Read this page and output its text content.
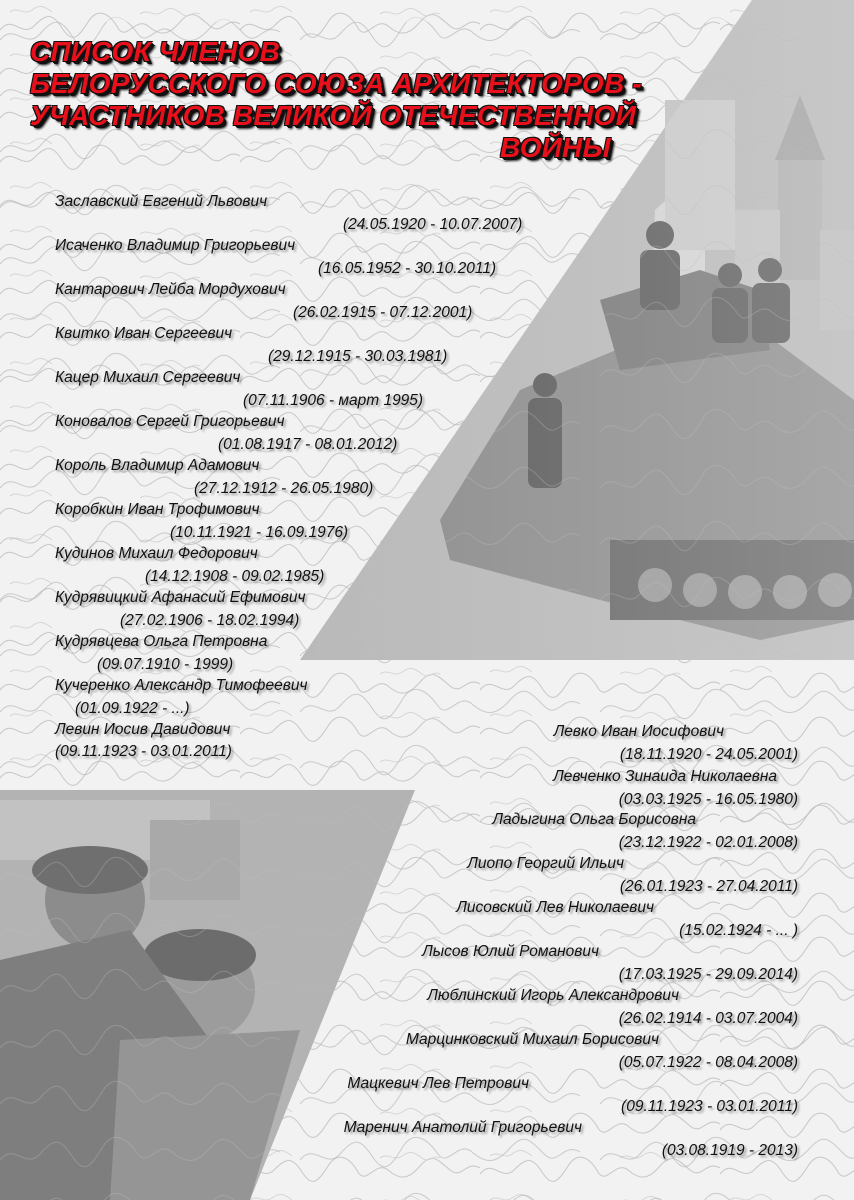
СПИСОК ЧЛЕНОВ
БЕЛОРУССКОГО СОЮЗА АРХИТЕКТОРОВ -
УЧАСТНИКОВ ВЕЛИКОЙ ОТЕЧЕСТВЕННОЙ
ВОЙНЫ
Заславский Евгений Львович
(24.05.1920 - 10.07.2007)
Исаченко Владимир Григорьевич
(16.05.1952 - 30.10.2011)
Кантарович Лейба Мордухович
(26.02.1915 - 07.12.2001)
Квитко Иван Сергеевич
(29.12.1915 - 30.03.1981)
Кацер Михаил Сергеевич
(07.11.1906 - март 1995)
Коновалов Сергей Григорьевич
(01.08.1917 - 08.01.2012)
Король Владимир Адамович
(27.12.1912 - 26.05.1980)
Коробкин Иван Трофимович
(10.11.1921 - 16.09.1976)
Кудинов Михаил Федорович
(14.12.1908 - 09.02.1985)
Кудрявицкий Афанасий Ефимович
(27.02.1906 - 18.02.1994)
Кудрявцева Ольга Петровна
(09.07.1910 - 1999)
Кучеренко Александр Тимофеевич
(01.09.1922 - ...)
Левин Иосив Давидович
(09.11.1923 - 03.01.2011)
Левко Иван Иосифович
(18.11.1920 - 24.05.2001)
Левченко Зинаида Николаевна
(03.03.1925 - 16.05.1980)
Ладыгина Ольга Борисовна
(23.12.1922 - 02.01.2008)
Лиопо Георгий Ильич
(26.01.1923 - 27.04.2011)
Лисовский Лев Николаевич
(15.02.1924 - ... )
Лысов Юлий Романович
(17.03.1925 - 29.09.2014)
Люблинский Игорь Александрович
(26.02.1914 - 03.07.2004)
Марцинковский Михаил Борисович
(05.07.1922 - 08.04.2008)
Мацкевич Лев Петрович
(09.11.1923 - 03.01.2011)
Маренич Анатолий Григорьевич
(03.08.1919 - 2013)
